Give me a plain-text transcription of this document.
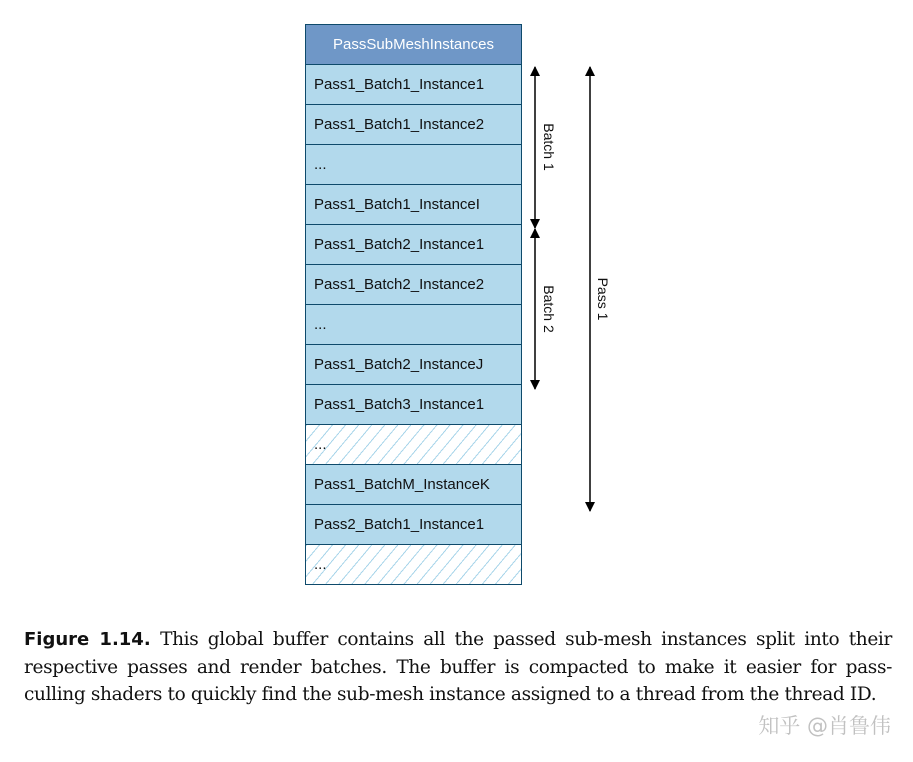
PassSubMeshInstances
Pass1_Batch1_Instance1
Pass1_Batch1_Instance2
...
Pass1_Batch1_InstanceI
Pass1_Batch2_Instance1
Pass1_Batch2_Instance2
...
Pass1_Batch2_InstanceJ
Pass1_Batch3_Instance1
...
Pass1_BatchM_InstanceK
Pass2_Batch1_Instance1
...
Batch 1
Batch 2	Pass 1
Figure 1.14. This global buffer contains all the passed sub-mesh instances split into their respective passes and render batches. The buffer is compacted to make it easier for pass-culling shaders to quickly find the sub-mesh instance assigned to a thread from the thread ID.
知乎 @肖鲁伟
